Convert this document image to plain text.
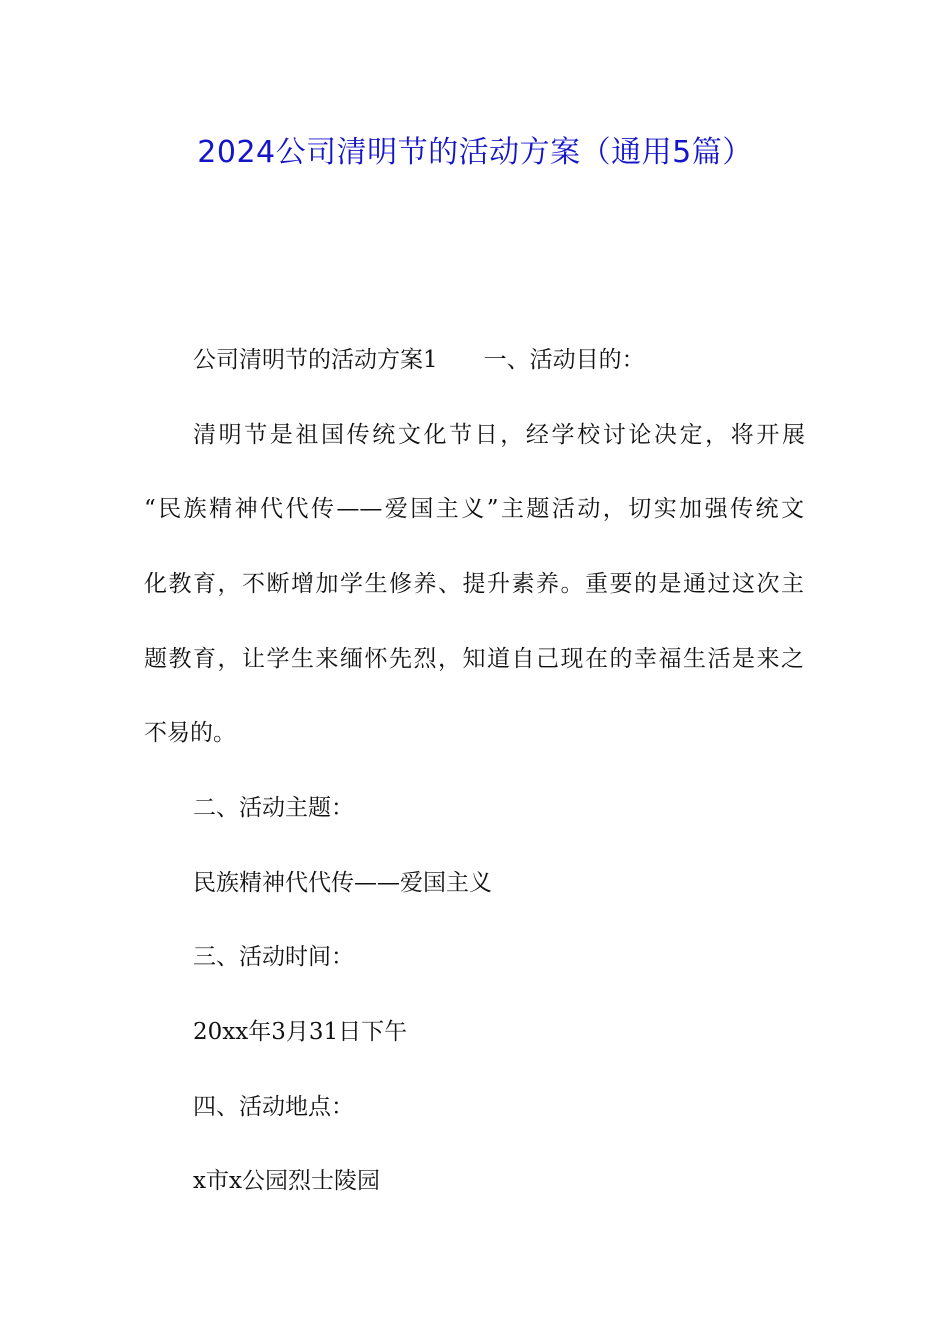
2024公司清明节的活动方案（通用5篇）
公司清明节的活动方案1 一、活动目的：
清明节是祖国传统文化节日，经学校讨论决定，将开展
“民族精神代代传——爱国主义”主题活动，切实加强传统文
化教育，不断增加学生修养、提升素养。重要的是通过这次主
题教育，让学生来缅怀先烈，知道自己现在的幸福生活是来之
不易的。
二、活动主题：
民族精神代代传——爱国主义
三、活动时间：
20xx年3月31日下午
四、活动地点：
x市x公园烈士陵园
